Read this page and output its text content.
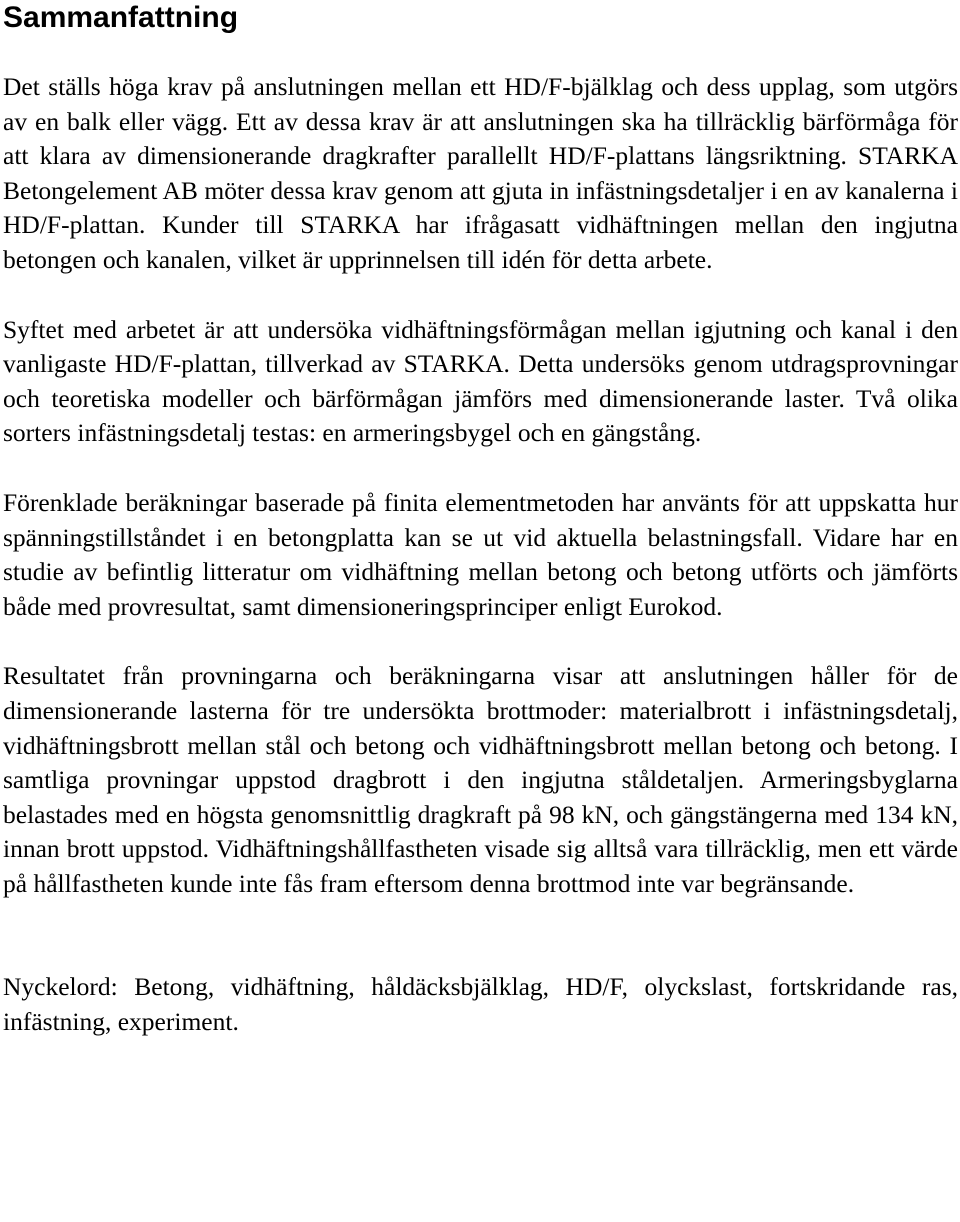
Sammanfattning

Det ställs höga krav på anslutningen mellan ett HD/F-bjälklag och dess upplag, som utgörs av en balk eller vägg. Ett av dessa krav är att anslutningen ska ha tillräcklig bärförmåga för att klara av dimensionerande dragkrafter parallellt HD/F-plattans längsriktning. STARKA Betongelement AB möter dessa krav genom att gjuta in infästningsdetaljer i en av kanalerna i HD/F-plattan. Kunder till STARKA har ifrågasatt vidhäftningen mellan den ingjutna betongen och kanalen, vilket är upprinnelsen till idén för detta arbete.

Syftet med arbetet är att undersöka vidhäftningsförmågan mellan igjutning och kanal i den vanligaste HD/F-plattan, tillverkad av STARKA. Detta undersöks genom utdragsprovningar och teoretiska modeller och bärförmågan jämförs med dimensionerande laster. Två olika sorters infästningsdetalj testas: en armeringsbygel och en gängstång.

Förenklade beräkningar baserade på finita elementmetoden har använts för att uppskatta hur spänningstillståndet i en betongplatta kan se ut vid aktuella belastningsfall. Vidare har en studie av befintlig litteratur om vidhäftning mellan betong och betong utförts och jämförts både med provresultat, samt dimensioneringsprinciper enligt Eurokod.

Resultatet från provningarna och beräkningarna visar att anslutningen håller för de dimensionerande lasterna för tre undersökta brottmoder: materialbrott i infästningsdetalj, vidhäftningsbrott mellan stål och betong och vidhäftningsbrott mellan betong och betong. I samtliga provningar uppstod dragbrott i den ingjutna ståldetaljen. Armeringsbyglarna belastades med en högsta genomsnittlig dragkraft på 98 kN, och gängstängerna med 134 kN, innan brott uppstod. Vidhäftningshållfastheten visade sig alltså vara tillräcklig, men ett värde på hållfastheten kunde inte fås fram eftersom denna brottmod inte var begränsande.

Nyckelord: Betong, vidhäftning, håldäcksbjälklag, HD/F, olyckslast, fortskridande ras, infästning, experiment.
